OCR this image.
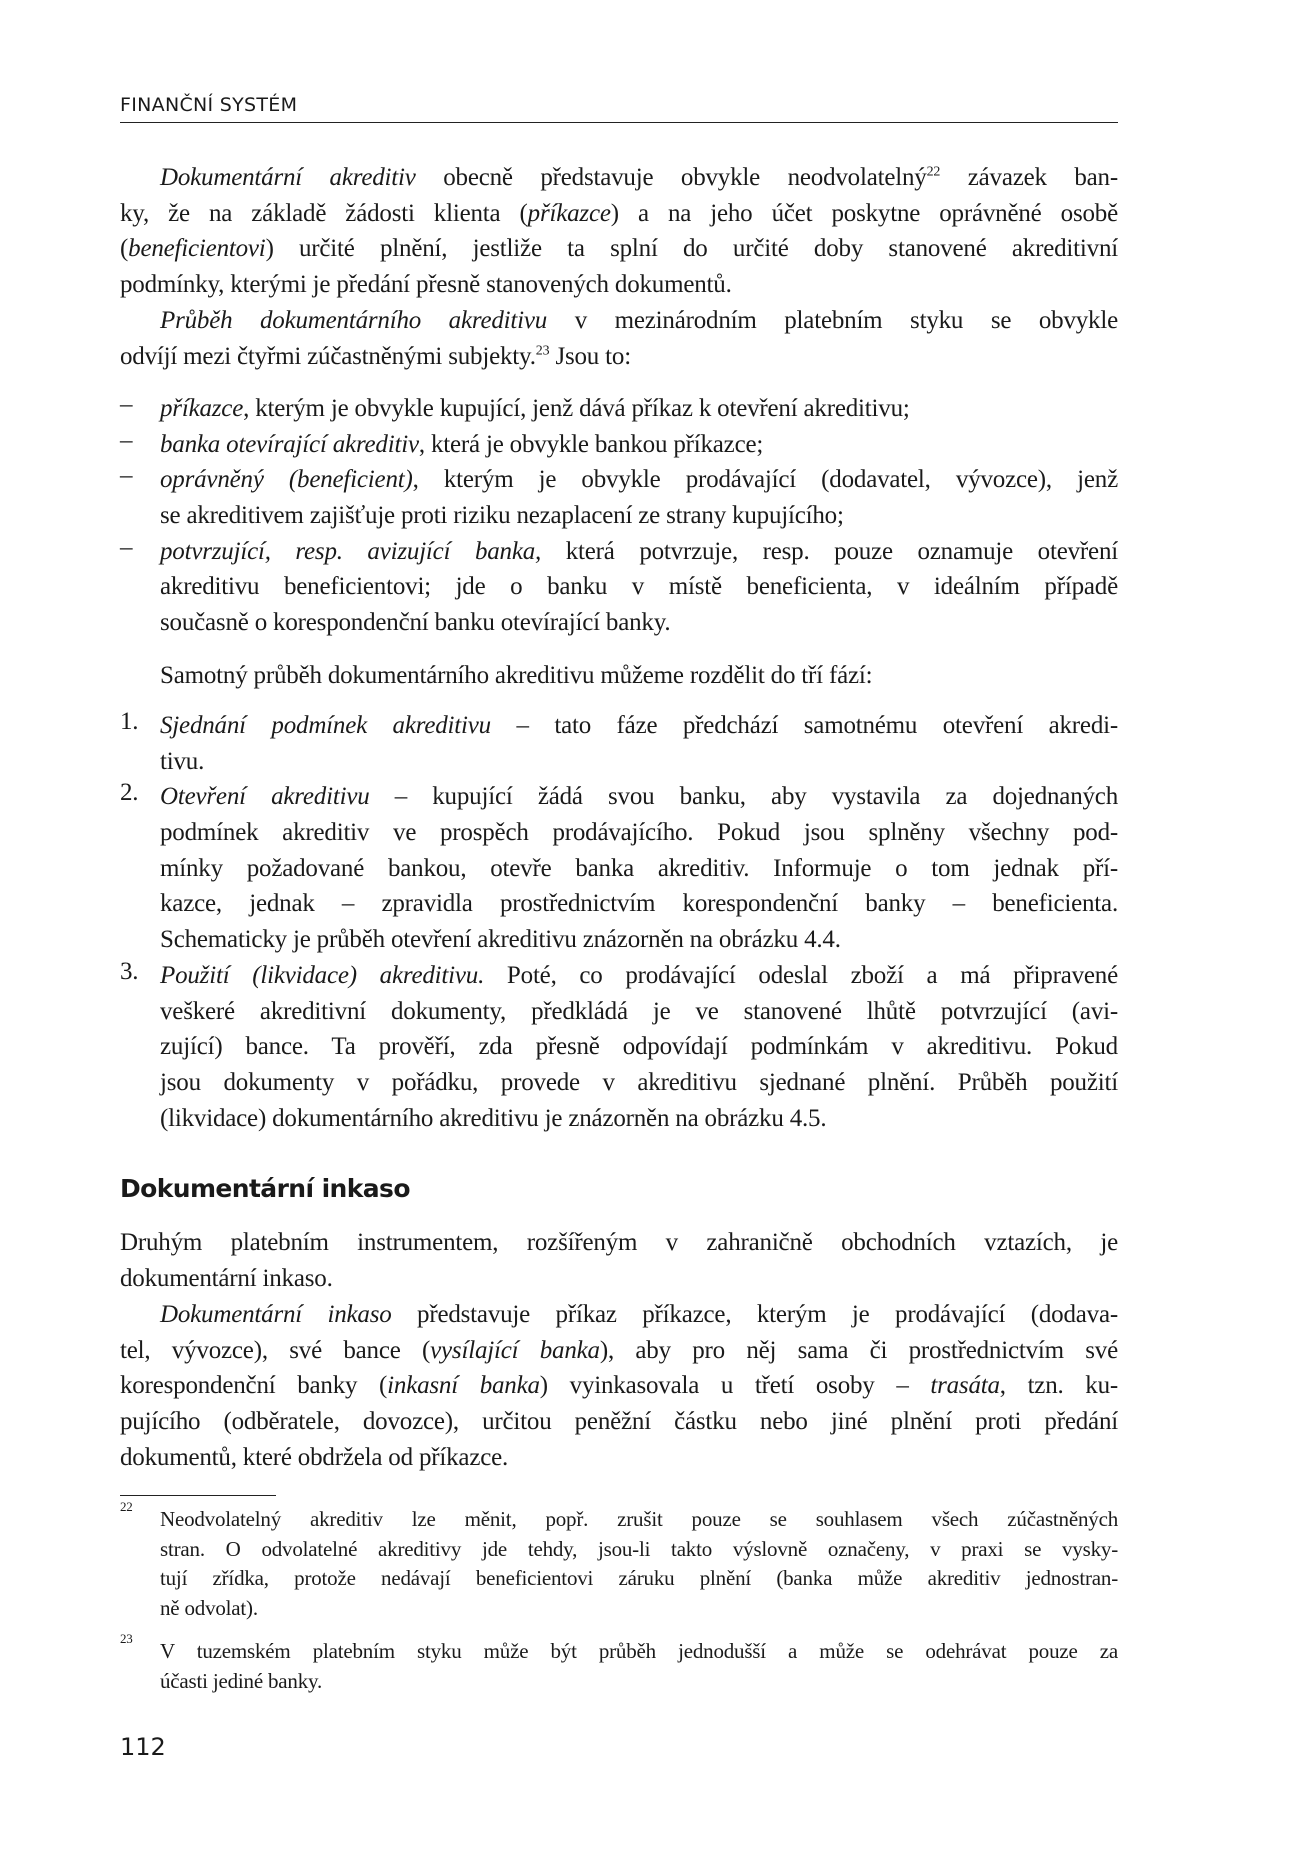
FINANČNÍ SYSTÉM
Dokumentární akreditiv obecně představuje obvykle neodvolatelný$^{22}$ závazek ban-
ky, že na základě žádosti klienta (příkazce) a na jeho účet poskytne oprávněné osobě
(beneficientovi) určité plnění, jestliže ta splní do určité doby stanovené akreditivní
podmínky, kterými je předání přesně stanovených dokumentů.
Průběh dokumentárního akreditivu v mezinárodním platebním styku se obvykle
odvíjí mezi čtyřmi zúčastněnými subjekty.$^{23}$ Jsou to:
–	příkazce, kterým je obvykle kupující, jenž dává příkaz k otevření akreditivu;
–	banka otevírající akreditiv, která je obvykle bankou příkazce;
–	oprávněný (beneficient), kterým je obvykle prodávající (dodavatel, vývozce), jenž
se akreditivem zajišťuje proti riziku nezaplacení ze strany kupujícího;
–	potvrzující, resp. avizující banka, která potvrzuje, resp. pouze oznamuje otevření
akreditivu beneficientovi; jde o banku v místě beneficienta, v ideálním případě
současně o korespondenční banku otevírající banky.
Samotný průběh dokumentárního akreditivu můžeme rozdělit do tří fází:
1. Sjednání podmínek akreditivu – tato fáze předchází samotnému otevření akredi-
tivu.
2. Otevření akreditivu – kupující žádá svou banku, aby vystavila za dojednaných
podmínek akreditiv ve prospěch prodávajícího. Pokud jsou splněny všechny pod-
mínky požadované bankou, otevře banka akreditiv. Informuje o tom jednak pří-
kazce, jednak – zpravidla prostřednictvím korespondenční banky – beneficienta.
Schematicky je průběh otevření akreditivu znázorněn na obrázku 4.4.
3. Použití (likvidace) akreditivu. Poté, co prodávající odeslal zboží a má připravené
veškeré akreditivní dokumenty, předkládá je ve stanovené lhůtě potvrzující (avi-
zující) bance. Ta prověří, zda přesně odpovídají podmínkám v akreditivu. Pokud
jsou dokumenty v pořádku, provede v akreditivu sjednané plnění. Průběh použití
(likvidace) dokumentárního akreditivu je znázorněn na obrázku 4.5.
Dokumentární inkaso
Druhým platebním instrumentem, rozšířeným v zahraničně obchodních vztazích, je
dokumentární inkaso.
Dokumentární inkaso představuje příkaz příkazce, kterým je prodávající (dodava-
tel, vývozce), své bance (vysílající banka), aby pro něj sama či prostřednictvím své
korespondenční banky (inkasní banka) vyinkasovala u třetí osoby – trasáta, tzn. ku-
pujícího (odběratele, dovozce), určitou peněžní částku nebo jiné plnění proti předání
dokumentů, které obdržela od příkazce.
22
Neodvolatelný akreditiv lze měnit, popř. zrušit pouze se souhlasem všech zúčastněných
stran. O odvolatelné akreditivy jde tehdy, jsou-li takto výslovně označeny, v praxi se vysky-
tují zřídka, protože nedávají beneficientovi záruku plnění (banka může akreditiv jednostran-
ně odvolat).
23
V tuzemském platebním styku může být průběh jednodušší a může se odehrávat pouze za
účasti jediné banky.
112
